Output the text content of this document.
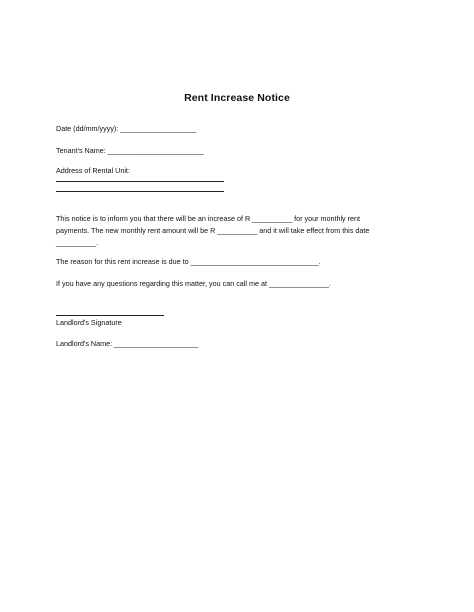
Rent Increase Notice
Date (dd/mm/yyyy): ___________________
Tenant's Name: ________________________
Address of Rental Unit:
This notice is to inform you that there will be an increase of R __________ for your monthly rent
payments. The new monthly rent amount will be R __________ and it will take effect from this date
__________.
The reason for this rent increase is due to ________________________________.
If you have any questions regarding this matter, you can call me at _______________.
Landlord's Signature
Landlord's Name: _____________________
